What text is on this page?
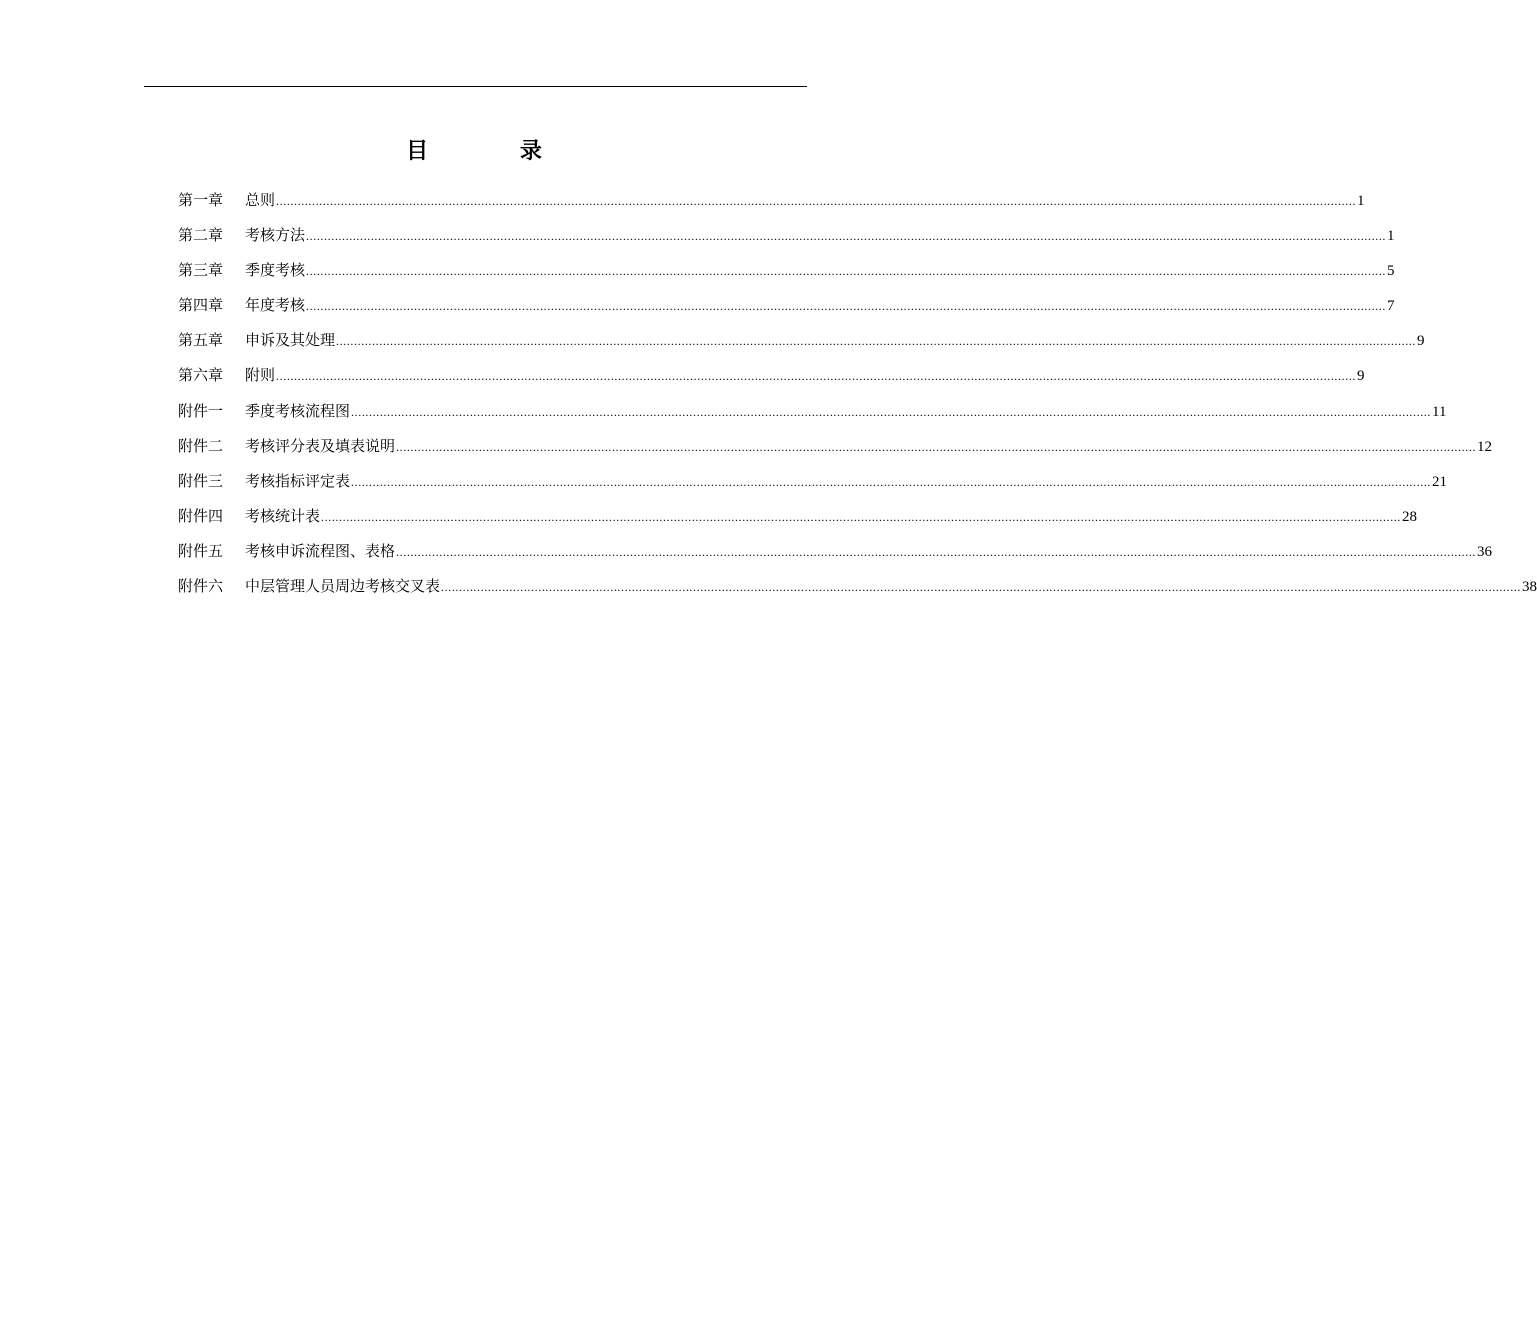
目 录
第一章	总则 ............................................................................................................................................................................................................................................................................................................ 1
第二章	考核方法 ............................................................................................................................................................................................................................................................................................................ 1
第三章	季度考核 ............................................................................................................................................................................................................................................................................................................ 5
第四章	年度考核 ............................................................................................................................................................................................................................................................................................................ 7
第五章	申诉及其处理 ............................................................................................................................................................................................................................................................................................................ 9
第六章	附则 ............................................................................................................................................................................................................................................................................................................ 9
附件一	季度考核流程图 ............................................................................................................................................................................................................................................................................................................ 11
附件二	考核评分表及填表说明 ............................................................................................................................................................................................................................................................................................................ 12
附件三	考核指标评定表 ............................................................................................................................................................................................................................................................................................................ 21
附件四	考核统计表 ............................................................................................................................................................................................................................................................................................................ 28
附件五	考核申诉流程图、表格 ............................................................................................................................................................................................................................................................................................................ 36
附件六	中层管理人员周边考核交叉表 ............................................................................................................................................................................................................................................................................................................ 38
